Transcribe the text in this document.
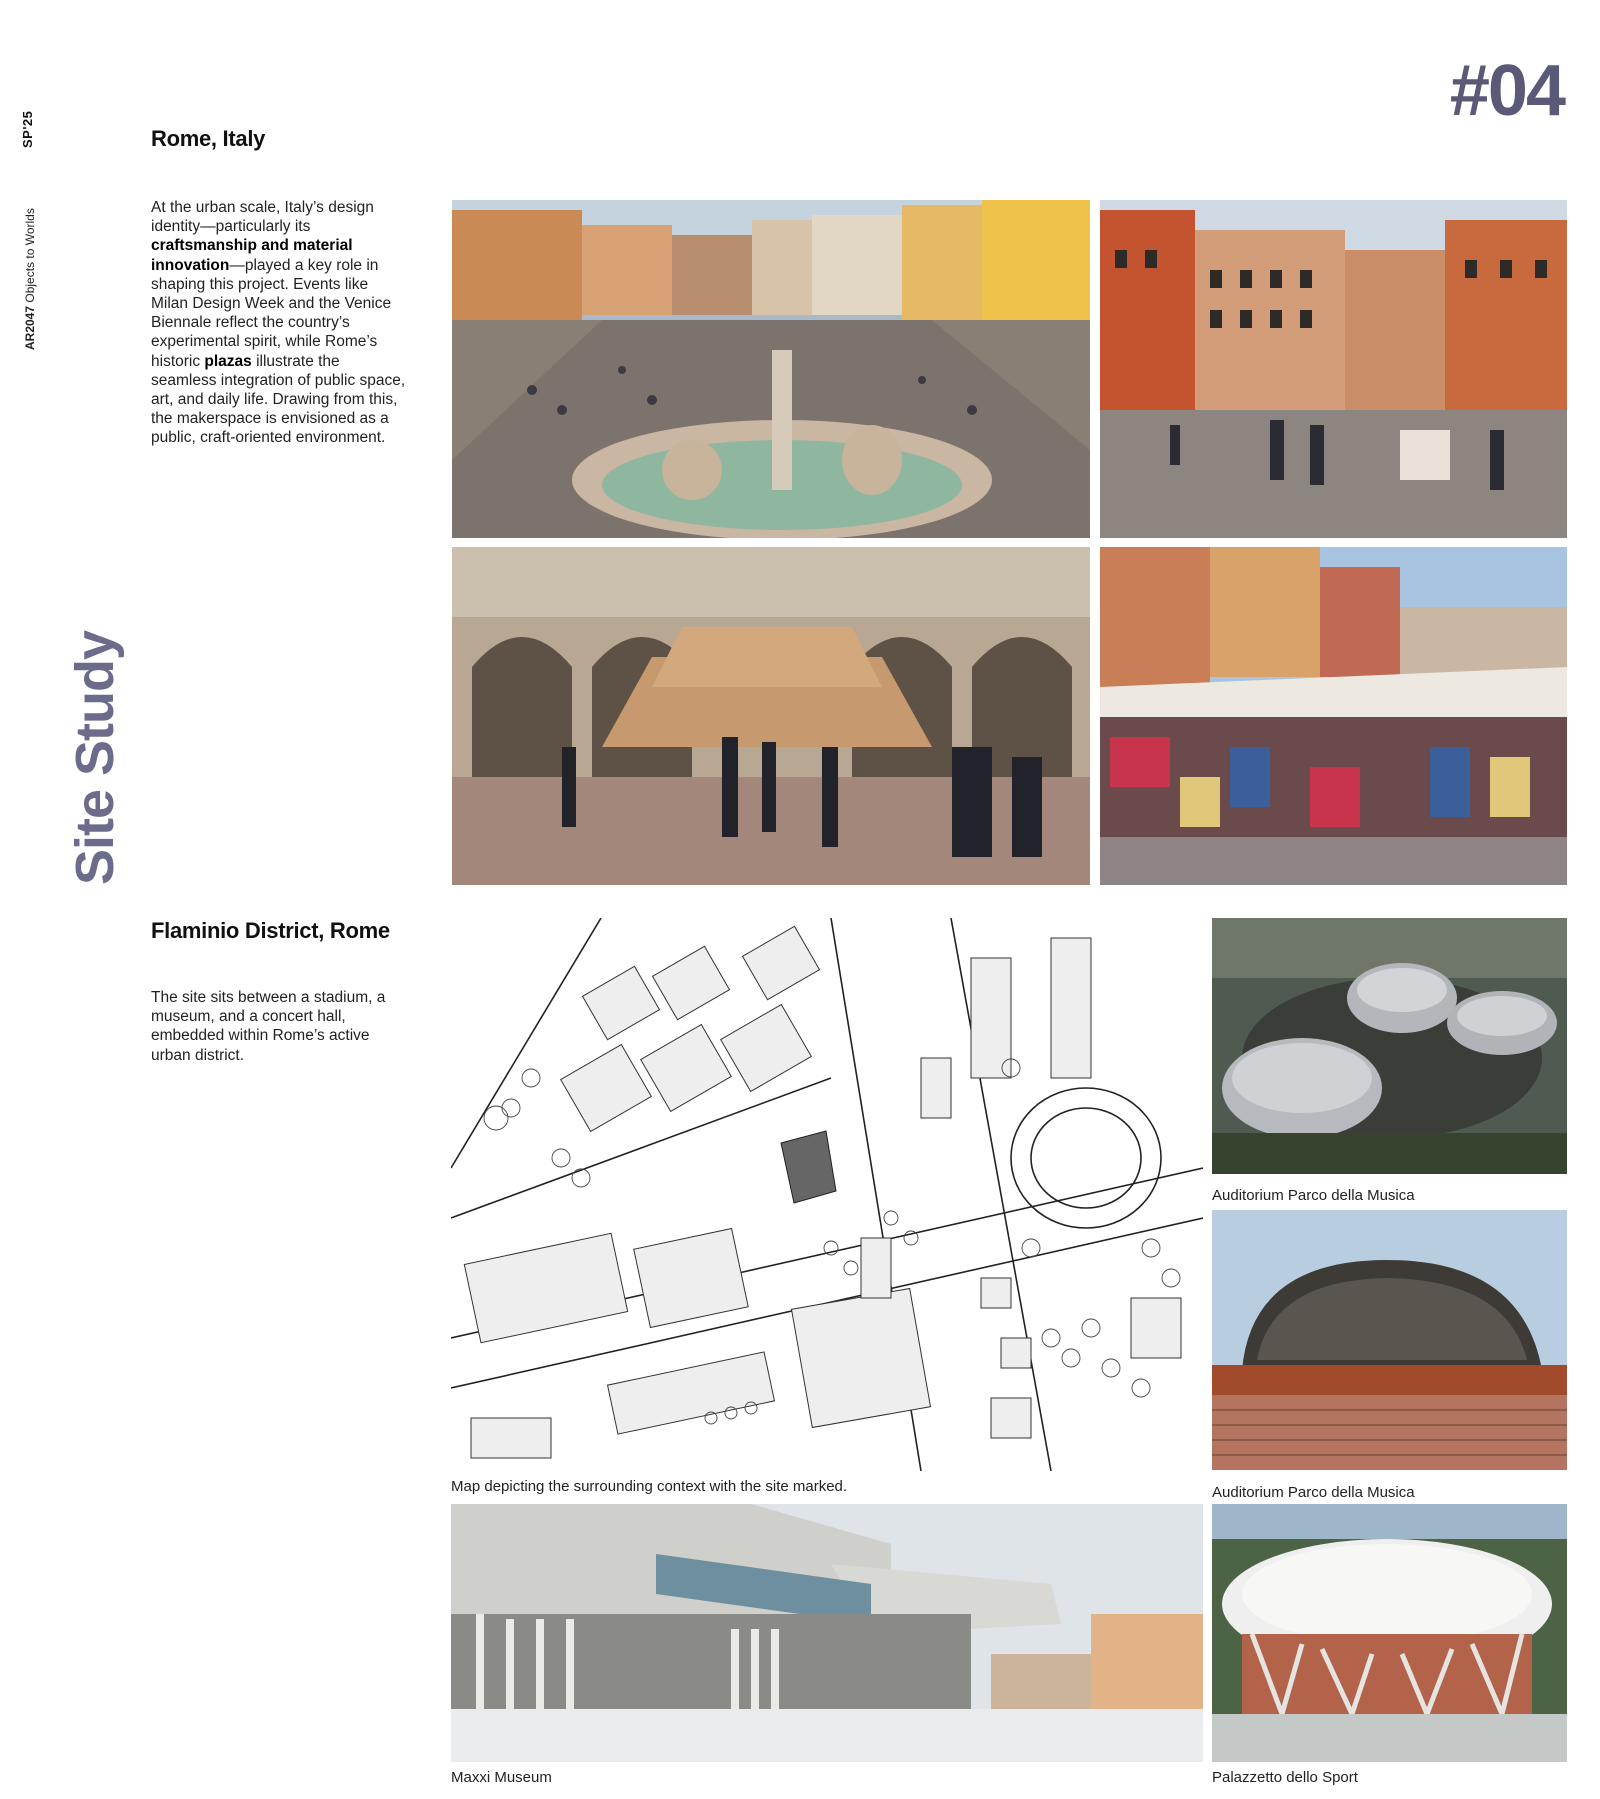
SP'25
AR2047 Objects to Worlds
Site Study
#04
Rome, Italy
At the urban scale, Italy’s design identity—particularly its craftsmanship and material innovation—played a key role in shaping this project. Events like Milan Design Week and the Venice Biennale reflect the country’s experimental spirit, while Rome’s historic plazas illustrate the seamless integration of public space, art, and daily life. Drawing from this, the makerspace is envisioned as a public, craft-oriented environment.
Flaminio District, Rome
The site sits between a stadium, a museum, and a concert hall, embedded within Rome’s active urban district.
Map depicting the surrounding context with the site marked.
Auditorium Parco della Musica
Auditorium Parco della Musica
Maxxi Museum	Palazzetto dello Sport
